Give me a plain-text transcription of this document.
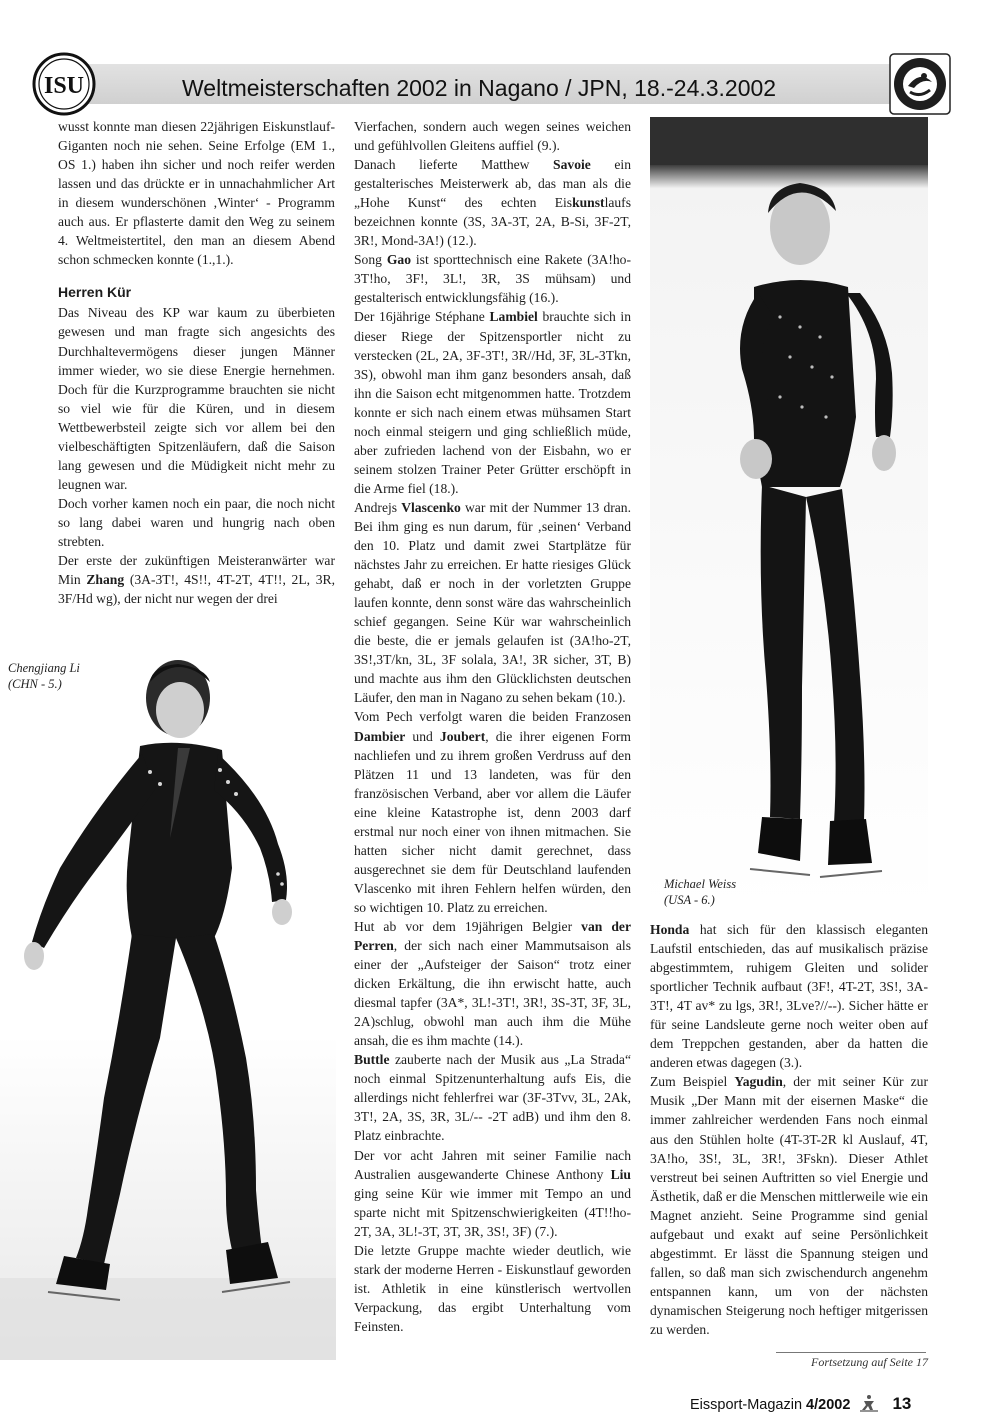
Weltmeisterschaften 2002 in Nagano / JPN, 18.-24.3.2002
ISU

wusst konnte man diesen 22jährigen Eiskunstlauf-Giganten noch nie sehen. Seine Erfolge (EM 1., OS 1.) haben ihn sicher und noch reifer werden lassen und das drückte er in unnachahmlicher Art in diesem wunderschönen ‚Winter‘ - Programm auch aus. Er pflasterte damit den Weg zu seinem 4. Weltmeistertitel, den man an diesem Abend schon schmecken konnte (1.,1.).

Herren Kür

Das Niveau des KP war kaum zu überbieten gewesen und man fragte sich angesichts des Durchhaltevermögens dieser jungen Männer immer wieder, wo sie diese Energie hernehmen. Doch für die Kurzprogramme brauchten sie nicht so viel wie für die Küren, und in diesem Wettbewerbsteil zeigte sich vor allem bei den vielbeschäftigten Spitzenläufern, daß die Saison lang gewesen und die Müdigkeit nicht mehr zu leugnen war.

Doch vorher kamen noch ein paar, die noch nicht so lang dabei waren und hungrig nach oben strebten.

Der erste der zukünftigen Meisteranwärter war Min Zhang (3A-3T!, 4S!!, 4T-2T, 4T!!, 2L, 3R, 3F/Hd wg), der nicht nur wegen der drei

Vierfachen, sondern auch wegen seines weichen und gefühlvollen Gleitens auffiel (9.).

Danach lieferte Matthew Savoie ein gestalterisches Meisterwerk ab, das man als die „Hohe Kunst“ des echten Eiskunstlaufs bezeichnen konnte (3S, 3A-3T, 2A, B-Si, 3F-2T, 3R!, Mond-3A!) (12.).

Song Gao ist sporttechnisch eine Rakete (3A!ho-3T!ho, 3F!, 3L!, 3R, 3S mühsam) und gestalterisch entwicklungsfähig (16.).

Der 16jährige Stéphane Lambiel brauchte sich in dieser Riege der Spitzensportler nicht zu verstecken (2L, 2A, 3F-3T!, 3R//Hd, 3F, 3L-3Tkn, 3S), obwohl man ihm ganz besonders ansah, daß ihn die Saison echt mitgenommen hatte. Trotzdem konnte er sich nach einem etwas mühsamen Start noch einmal steigern und ging schließlich müde, aber zufrieden lachend von der Eisbahn, wo er seinem stolzen Trainer Peter Grütter erschöpft in die Arme fiel (18.).

Andrejs Vlascenko war mit der Nummer 13 dran. Bei ihm ging es nun darum, für ‚seinen‘ Verband den 10. Platz und damit zwei Startplätze für nächstes Jahr zu erreichen. Er hatte riesiges Glück gehabt, daß er noch in der vorletzten Gruppe laufen konnte, denn sonst wäre das wahrscheinlich schief gegangen. Seine Kür war wahrscheinlich die beste, die er jemals gelaufen ist (3A!ho-2T, 3S!,3T/kn, 3L, 3F solala, 3A!, 3R sicher, 3T, B) und machte aus ihm den Glücklichsten deutschen Läufer, den man in Nagano zu sehen bekam (10.).

Vom Pech verfolgt waren die beiden Franzosen Dambier und Joubert, die ihrer eigenen Form nachliefen und zu ihrem großen Verdruss auf den Plätzen 11 und 13 landeten, was für den französischen Verband, aber vor allem die Läufer eine kleine Katastrophe ist, denn 2003 darf erstmal nur noch einer von ihnen mitmachen. Sie hatten sicher nicht damit gerechnet, dass ausgerechnet sie dem für Deutschland laufenden Vlascenko mit ihren Fehlern helfen würden, den so wichtigen 10. Platz zu erreichen.

Hut ab vor dem 19jährigen Belgier van der Perren, der sich nach einer Mammutsaison als einer der „Aufsteiger der Saison“ trotz einer dicken Erkältung, die ihn erwischt hatte, auch diesmal tapfer (3A*, 3L!-3T!, 3R!, 3S-3T, 3F, 3L, 2A)schlug, obwohl man auch ihm die Mühe ansah, die es ihm machte (14.).

Buttle zauberte nach der Musik aus „La Strada“ noch einmal Spitzenunterhaltung aufs Eis, die allerdings nicht fehlerfrei war (3F-3Tvv, 3L, 2Ak, 3T!, 2A, 3S, 3R, 3L/-- -2T adB) und ihm den 8. Platz einbrachte.

Der vor acht Jahren mit seiner Familie nach Australien ausgewanderte Chinese Anthony Liu ging seine Kür wie immer mit Tempo an und sparte nicht mit Spitzenschwierigkeiten (4T!!ho-2T, 3A, 3L!-3T, 3T, 3R, 3S!, 3F) (7.).

Die letzte Gruppe machte wieder deutlich, wie stark der moderne Herren - Eiskunstlauf geworden ist. Athletik in eine künstlerisch wertvollen Verpackung, das ergibt Unterhaltung vom Feinsten.

Chengjiang Li
(CHN - 5.)
Michael Weiss
(USA - 6.)

Honda hat sich für den klassisch eleganten Laufstil entschieden, das auf musikalisch präzise abgestimmtem, ruhigem Gleiten und solider sportlicher Technik aufbaut (3F!, 4T-2T, 3S!, 3A-3T!, 4T av* zu lgs, 3R!, 3Lve?//--). Sicher hätte er für seine Landsleute gerne noch weiter oben auf dem Treppchen gestanden, aber da hatten die anderen etwas dagegen (3.).

Zum Beispiel Yagudin, der mit seiner Kür zur Musik „Der Mann mit der eisernen Maske“ die immer zahlreicher werdenden Fans noch einmal aus den Stühlen holte (4T-3T-2R kl Auslauf, 4T, 3A!ho, 3S!, 3L, 3R!, 3Fskn). Dieser Athlet verstreut bei seinen Auftritten so viel Energie und Ästhetik, daß er die Menschen mittlerweile wie ein Magnet anzieht. Seine Programme sind genial aufgebaut und exakt auf seine Persönlichkeit abgestimmt. Er lässt die Spannung steigen und fallen, so daß man sich zwischendurch angenehm entspannen kann, um von der nächsten dynamischen Steigerung noch heftiger mitgerissen zu werden.

Fortsetzung auf Seite 17
Eissport-Magazin 4/2002 13
